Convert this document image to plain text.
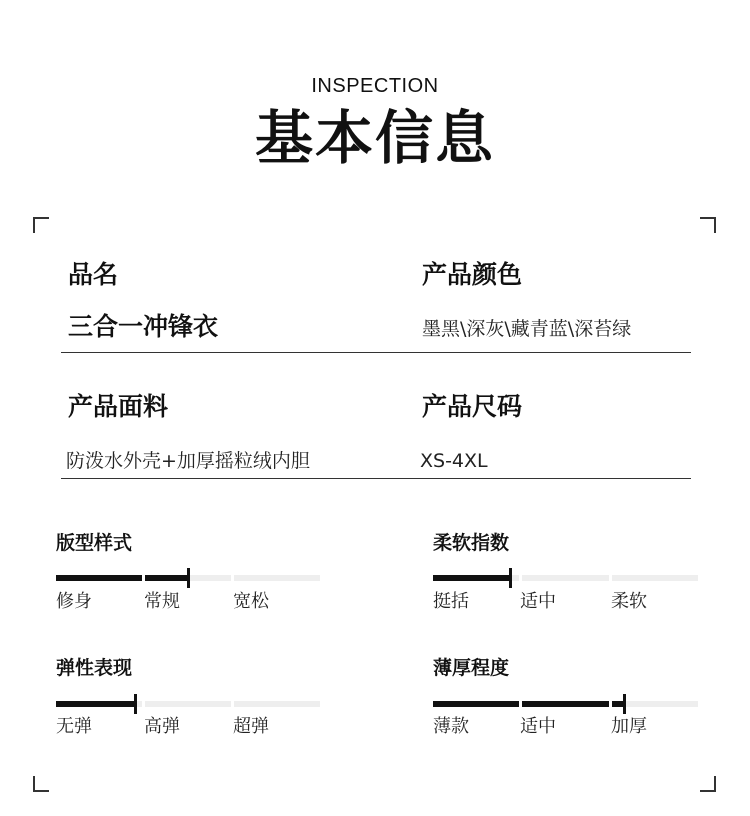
INSPECTION
基本信息
品名	产品颜色
三合一冲锋衣	墨黑\深灰\藏青蓝\深苔绿
产品面料	产品尺码
防泼水外壳+加厚摇粒绒内胆	XS-4XL
版型样式
修身	常规	宽松
柔软指数
挺括	适中	柔软
弹性表现
无弹	高弹	超弹
薄厚程度
薄款	适中	加厚
